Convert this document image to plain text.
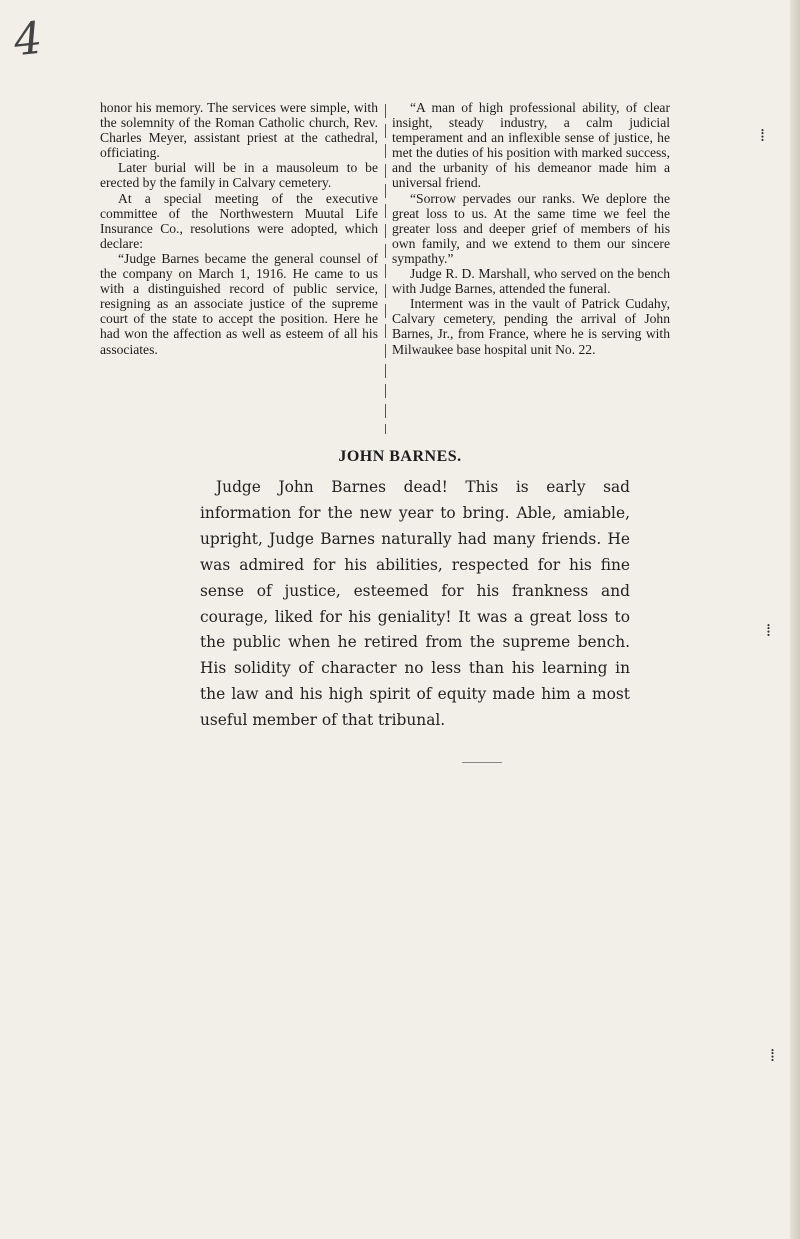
4

honor his memory. The services were simple, with the solemnity of the Roman Catholic church, Rev. Charles Meyer, assistant priest at the cathedral, officiating.

Later burial will be in a mausoleum to be erected by the family in Calvary cemetery.

At a special meeting of the executive committee of the Northwestern Muutal Life Insurance Co., resolutions were adopted, which declare:

“Judge Barnes became the general counsel of the company on March 1, 1916. He came to us with a distinguished record of public service, resigning as an associate justice of the supreme court of the state to accept the position. Here he had won the affection as well as esteem of all his associates.

“A man of high professional ability, of clear insight, steady industry, a calm judicial temperament and an inflexible sense of justice, he met the duties of his position with marked success, and the urbanity of his demeanor made him a universal friend.

“Sorrow pervades our ranks. We deplore the great loss to us. At the same time we feel the greater loss and deeper grief of members of his own family, and we extend to them our sincere sympathy.”

Judge R. D. Marshall, who served on the bench with Judge Barnes, attended the funeral.

Interment was in the vault of Patrick Cudahy, Calvary cemetery, pending the arrival of John Barnes, Jr., from France, where he is serving with Milwaukee base hospital unit No. 22.

JOHN BARNES.

Judge John Barnes dead! This is early sad information for the new year to bring. Able, amiable, upright, Judge Barnes naturally had many friends. He was admired for his abilities, respected for his fine sense of justice, esteemed for his frankness and courage, liked for his geniality! It was a great loss to the public when he retired from the supreme bench. His solidity of character no less than his learning in the law and his high spirit of equity made him a most useful member of that tribunal.

⁞
⁞
⁞
